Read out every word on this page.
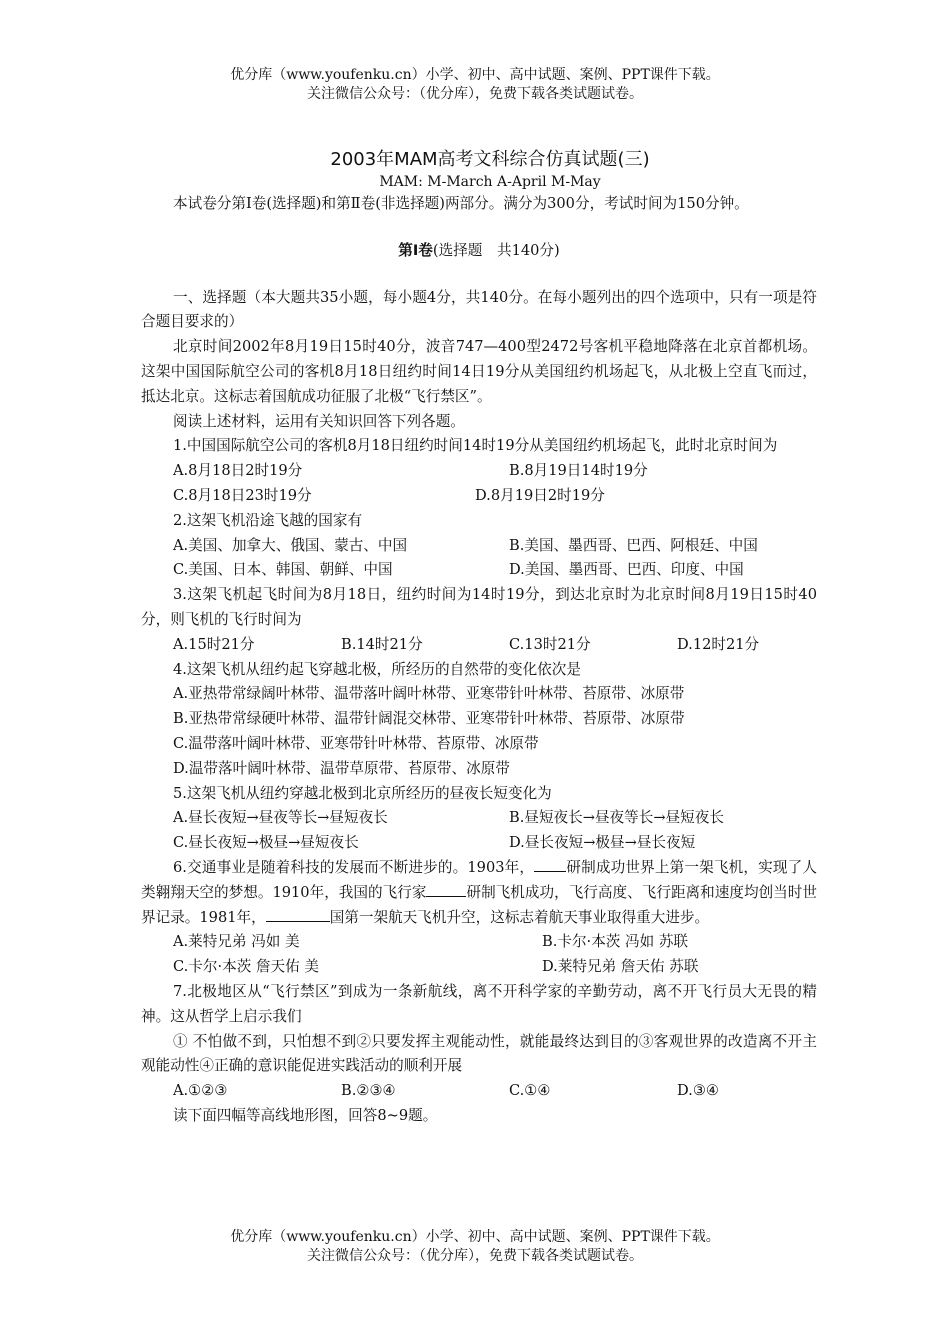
优分库（www.youfenku.cn）小学、初中、高中试题、案例、PPT课件下载。
关注微信公众号：（优分库），免费下载各类试题试卷。
2003年MAM高考文科综合仿真试题(三)
MAM: M-March A-April M-May

本试卷分第Ⅰ卷(选择题)和第Ⅱ卷(非选择题)两部分。满分为300分，考试时间为150分钟。

第Ⅰ卷(选择题　共140分)

一、选择题（本大题共35小题，每小题4分，共140分。在每小题列出的四个选项中，只有一项是符合题目要求的）

北京时间2002年8月19日15时40分，波音747—400型2472号客机平稳地降落在北京首都机场。这架中国国际航空公司的客机8月18日纽约时间14日19分从美国纽约机场起飞，从北极上空直飞而过，抵达北京。这标志着国航成功征服了北极“飞行禁区”。

阅读上述材料，运用有关知识回答下列各题。

1.中国国际航空公司的客机8月18日纽约时间14时19分从美国纽约机场起飞，此时北京时间为

A.8月18日2时19分	B.8月19日14时19分
C.8月18日23时19分	D.8月19日2时19分

2.这架飞机沿途飞越的国家有

A.美国、加拿大、俄国、蒙古、中国	B.美国、墨西哥、巴西、阿根廷、中国
C.美国、日本、韩国、朝鲜、中国	D.美国、墨西哥、巴西、印度、中国

3.这架飞机起飞时间为8月18日，纽约时间为14时19分，到达北京时为北京时间8月19日15时40分，则飞机的飞行时间为

A.15时21分	B.14时21分	C.13时21分	D.12时21分

4.这架飞机从纽约起飞穿越北极，所经历的自然带的变化依次是

A.亚热带常绿阔叶林带、温带落叶阔叶林带、亚寒带针叶林带、苔原带、冰原带

B.亚热带常绿硬叶林带、温带针阔混交林带、亚寒带针叶林带、苔原带、冰原带

C.温带落叶阔叶林带、亚寒带针叶林带、苔原带、冰原带

D.温带落叶阔叶林带、温带草原带、苔原带、冰原带

5.这架飞机从纽约穿越北极到北京所经历的昼夜长短变化为

A.昼长夜短→昼夜等长→昼短夜长	B.昼短夜长→昼夜等长→昼短夜长
C.昼长夜短→极昼→昼短夜长	D.昼长夜短→极昼→昼长夜短

6.交通事业是随着科技的发展而不断进步的。1903年， 研制成功世界上第一架飞机，实现了人类翱翔天空的梦想。1910年，我国的飞行家	研制飞机成功，飞行高度、飞行距离和速度均创当时世界记录。1981年，	国第一架航天飞机升空，这标志着航天事业取得重大进步。

A.莱特兄弟 冯如 美	B.卡尔·本茨 冯如 苏联
C.卡尔·本茨 詹天佑 美	D.莱特兄弟 詹天佑 苏联

7.北极地区从“飞行禁区”到成为一条新航线，离不开科学家的辛勤劳动，离不开飞行员大无畏的精神。这从哲学上启示我们

① 不怕做不到，只怕想不到②只要发挥主观能动性，就能最终达到目的③客观世界的改造离不开主观能动性④正确的意识能促进实践活动的顺利开展

A.①②③	B.②③④	C.①④	D.③④

读下面四幅等高线地形图，回答8~9题。

优分库（www.youfenku.cn）小学、初中、高中试题、案例、PPT课件下载。
关注微信公众号：（优分库），免费下载各类试题试卷。
